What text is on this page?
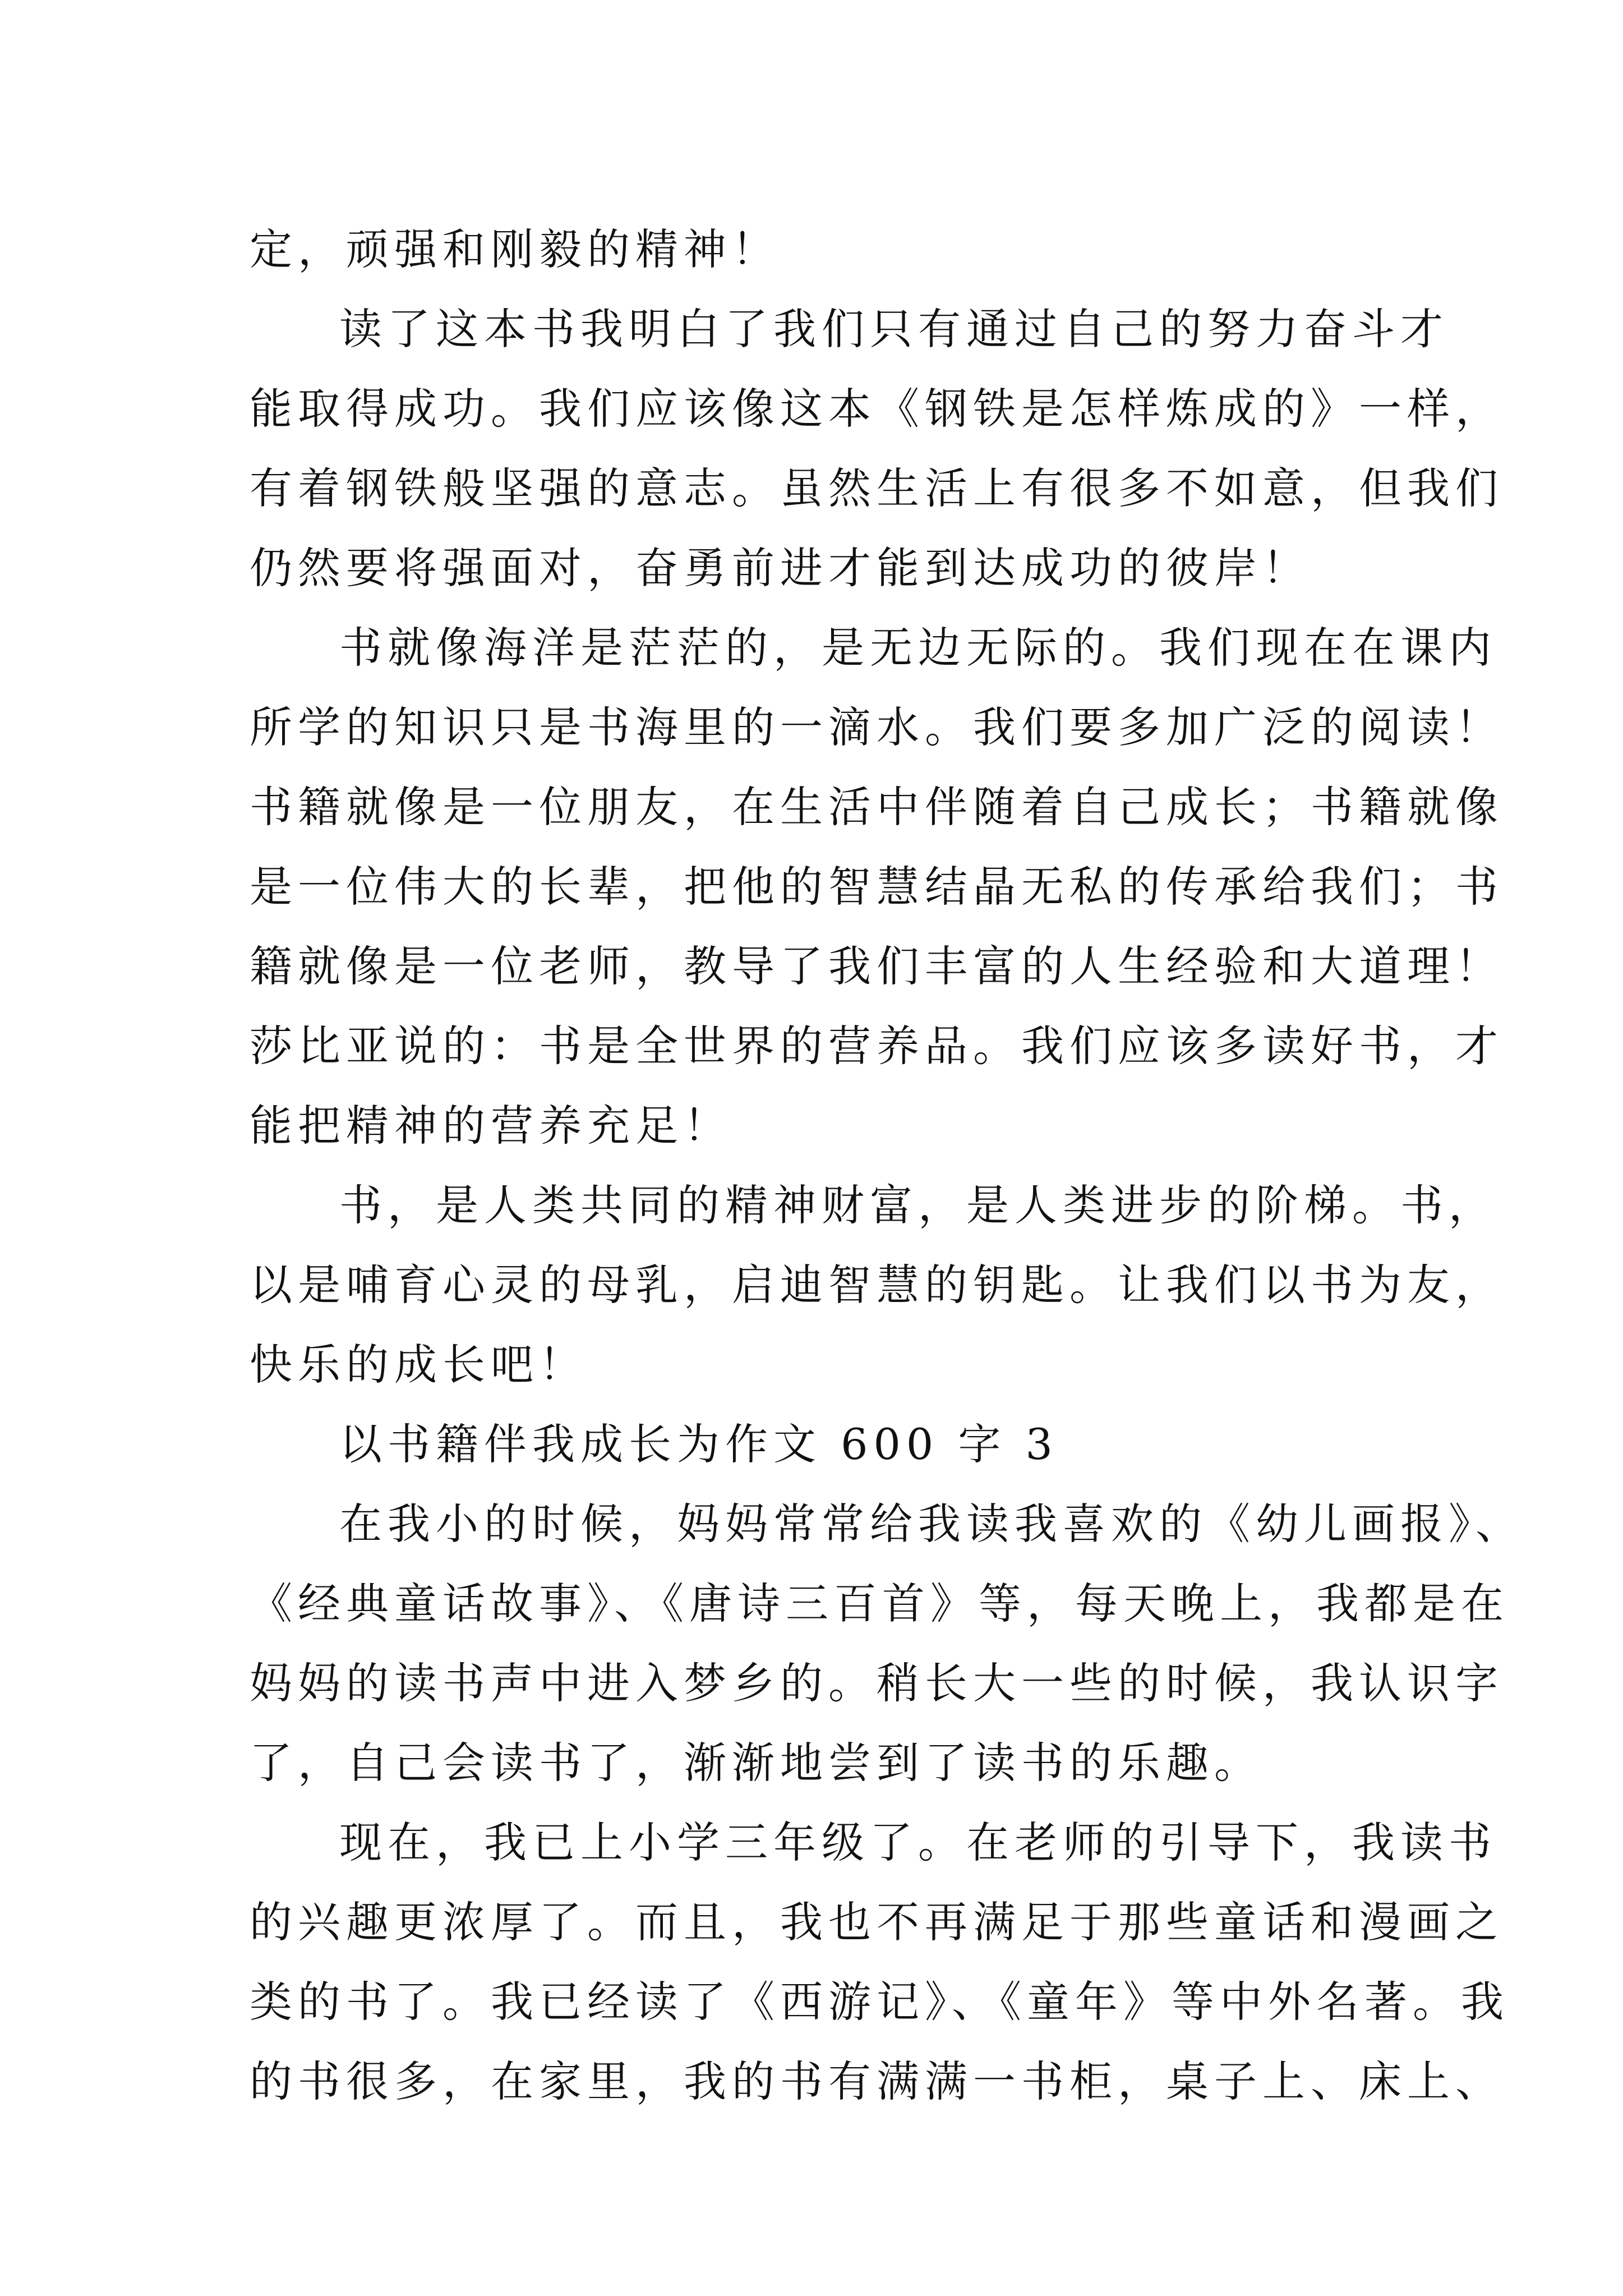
定，顽强和刚毅的精神！
读了这本书我明白了我们只有通过自己的努力奋斗才
能取得成功。我们应该像这本《钢铁是怎样炼成的》一样，
有着钢铁般坚强的意志。虽然生活上有很多不如意，但我们
仍然要将强面对，奋勇前进才能到达成功的彼岸！
书就像海洋是茫茫的，是无边无际的。我们现在在课内
所学的知识只是书海里的一滴水。我们要多加广泛的阅读！
书籍就像是一位朋友，在生活中伴随着自己成长；书籍就像
是一位伟大的长辈，把他的智慧结晶无私的传承给我们；书
籍就像是一位老师，教导了我们丰富的人生经验和大道理！
莎比亚说的：书是全世界的营养品。我们应该多读好书，才
能把精神的营养充足！
书，是人类共同的精神财富，是人类进步的阶梯。书，
以是哺育心灵的母乳，启迪智慧的钥匙。让我们以书为友，
快乐的成长吧！
以书籍伴我成长为作文 600 字 3
在我小的时候，妈妈常常给我读我喜欢的《幼儿画报》、
《经典童话故事》、《唐诗三百首》等，每天晚上，我都是在
妈妈的读书声中进入梦乡的。稍长大一些的时候，我认识字
了，自己会读书了，渐渐地尝到了读书的乐趣。
现在，我已上小学三年级了。在老师的引导下，我读书
的兴趣更浓厚了。而且，我也不再满足于那些童话和漫画之
类的书了。我已经读了《西游记》、《童年》等中外名著。我
的书很多，在家里，我的书有满满一书柜，桌子上、床上、
